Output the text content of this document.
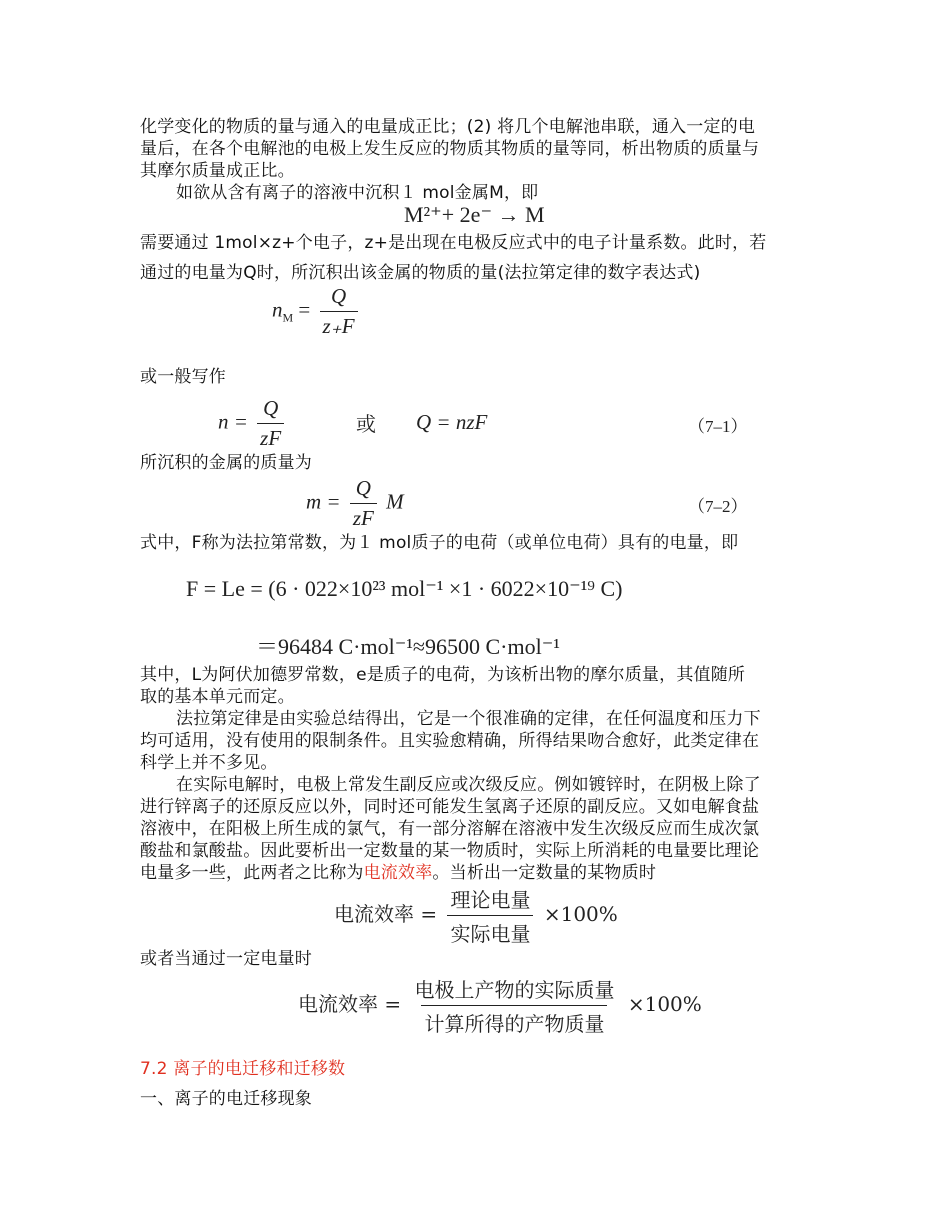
化学变化的物质的量与通入的电量成正比；(2) 将几个电解池串联，通入一定的电
量后，在各个电解池的电极上发生反应的物质其物质的量等同，析出物质的质量与
其摩尔质量成正比。
如欲从含有离子的溶液中沉积１ mol金属M，即
M²⁺+ 2e⁻ → M
需要通过 1mol×z+个电子，z+是出现在电极反应式中的电子计量系数。此时，若
通过的电量为Q时，所沉积出该金属的物质的量(法拉第定律的数字表达式)
$n_M = \frac{Q}{z_+F}$
或一般写作
$n = \frac{Q}{zF}$	或 Q = nzF	（7–1）
所沉积的金属的质量为
$m = \frac{Q}{zF}$ M	（7–2）
式中，F称为法拉第常数，为１ mol质子的电荷（或单位电荷）具有的电量，即
F = Le = (6 · 022×10²³ mol⁻¹ ×1 · 6022×10⁻¹⁹ C)
＝96484 C·mol⁻¹≈96500 C·mol⁻¹
其中，L为阿伏加德罗常数，e是质子的电荷，为该析出物的摩尔质量，其值随所
取的基本单元而定。
法拉第定律是由实验总结得出，它是一个很准确的定律，在任何温度和压力下
均可适用，没有使用的限制条件。且实验愈精确，所得结果吻合愈好，此类定律在
科学上并不多见。
在实际电解时，电极上常发生副反应或次级反应。例如镀锌时，在阴极上除了
进行锌离子的还原反应以外，同时还可能发生氢离子还原的副反应。又如电解食盐
溶液中，在阳极上所生成的氯气，有一部分溶解在溶液中发生次级反应而生成次氯
酸盐和氯酸盐。因此要析出一定数量的某一物质时，实际上所消耗的电量要比理论
电量多一些，此两者之比称为电流效率。当析出一定数量的某物质时
电流效率 = $\frac{\text{理论电量}}{\text{实际电量}} \times 100\%$
或者当通过一定电量时
电流效率 = $\frac{\text{电极上产物的实际质量}}{\text{计算所得的产物质量}} \times 100\%$
7.2 离子的电迁移和迁移数
一、离子的电迁移现象
